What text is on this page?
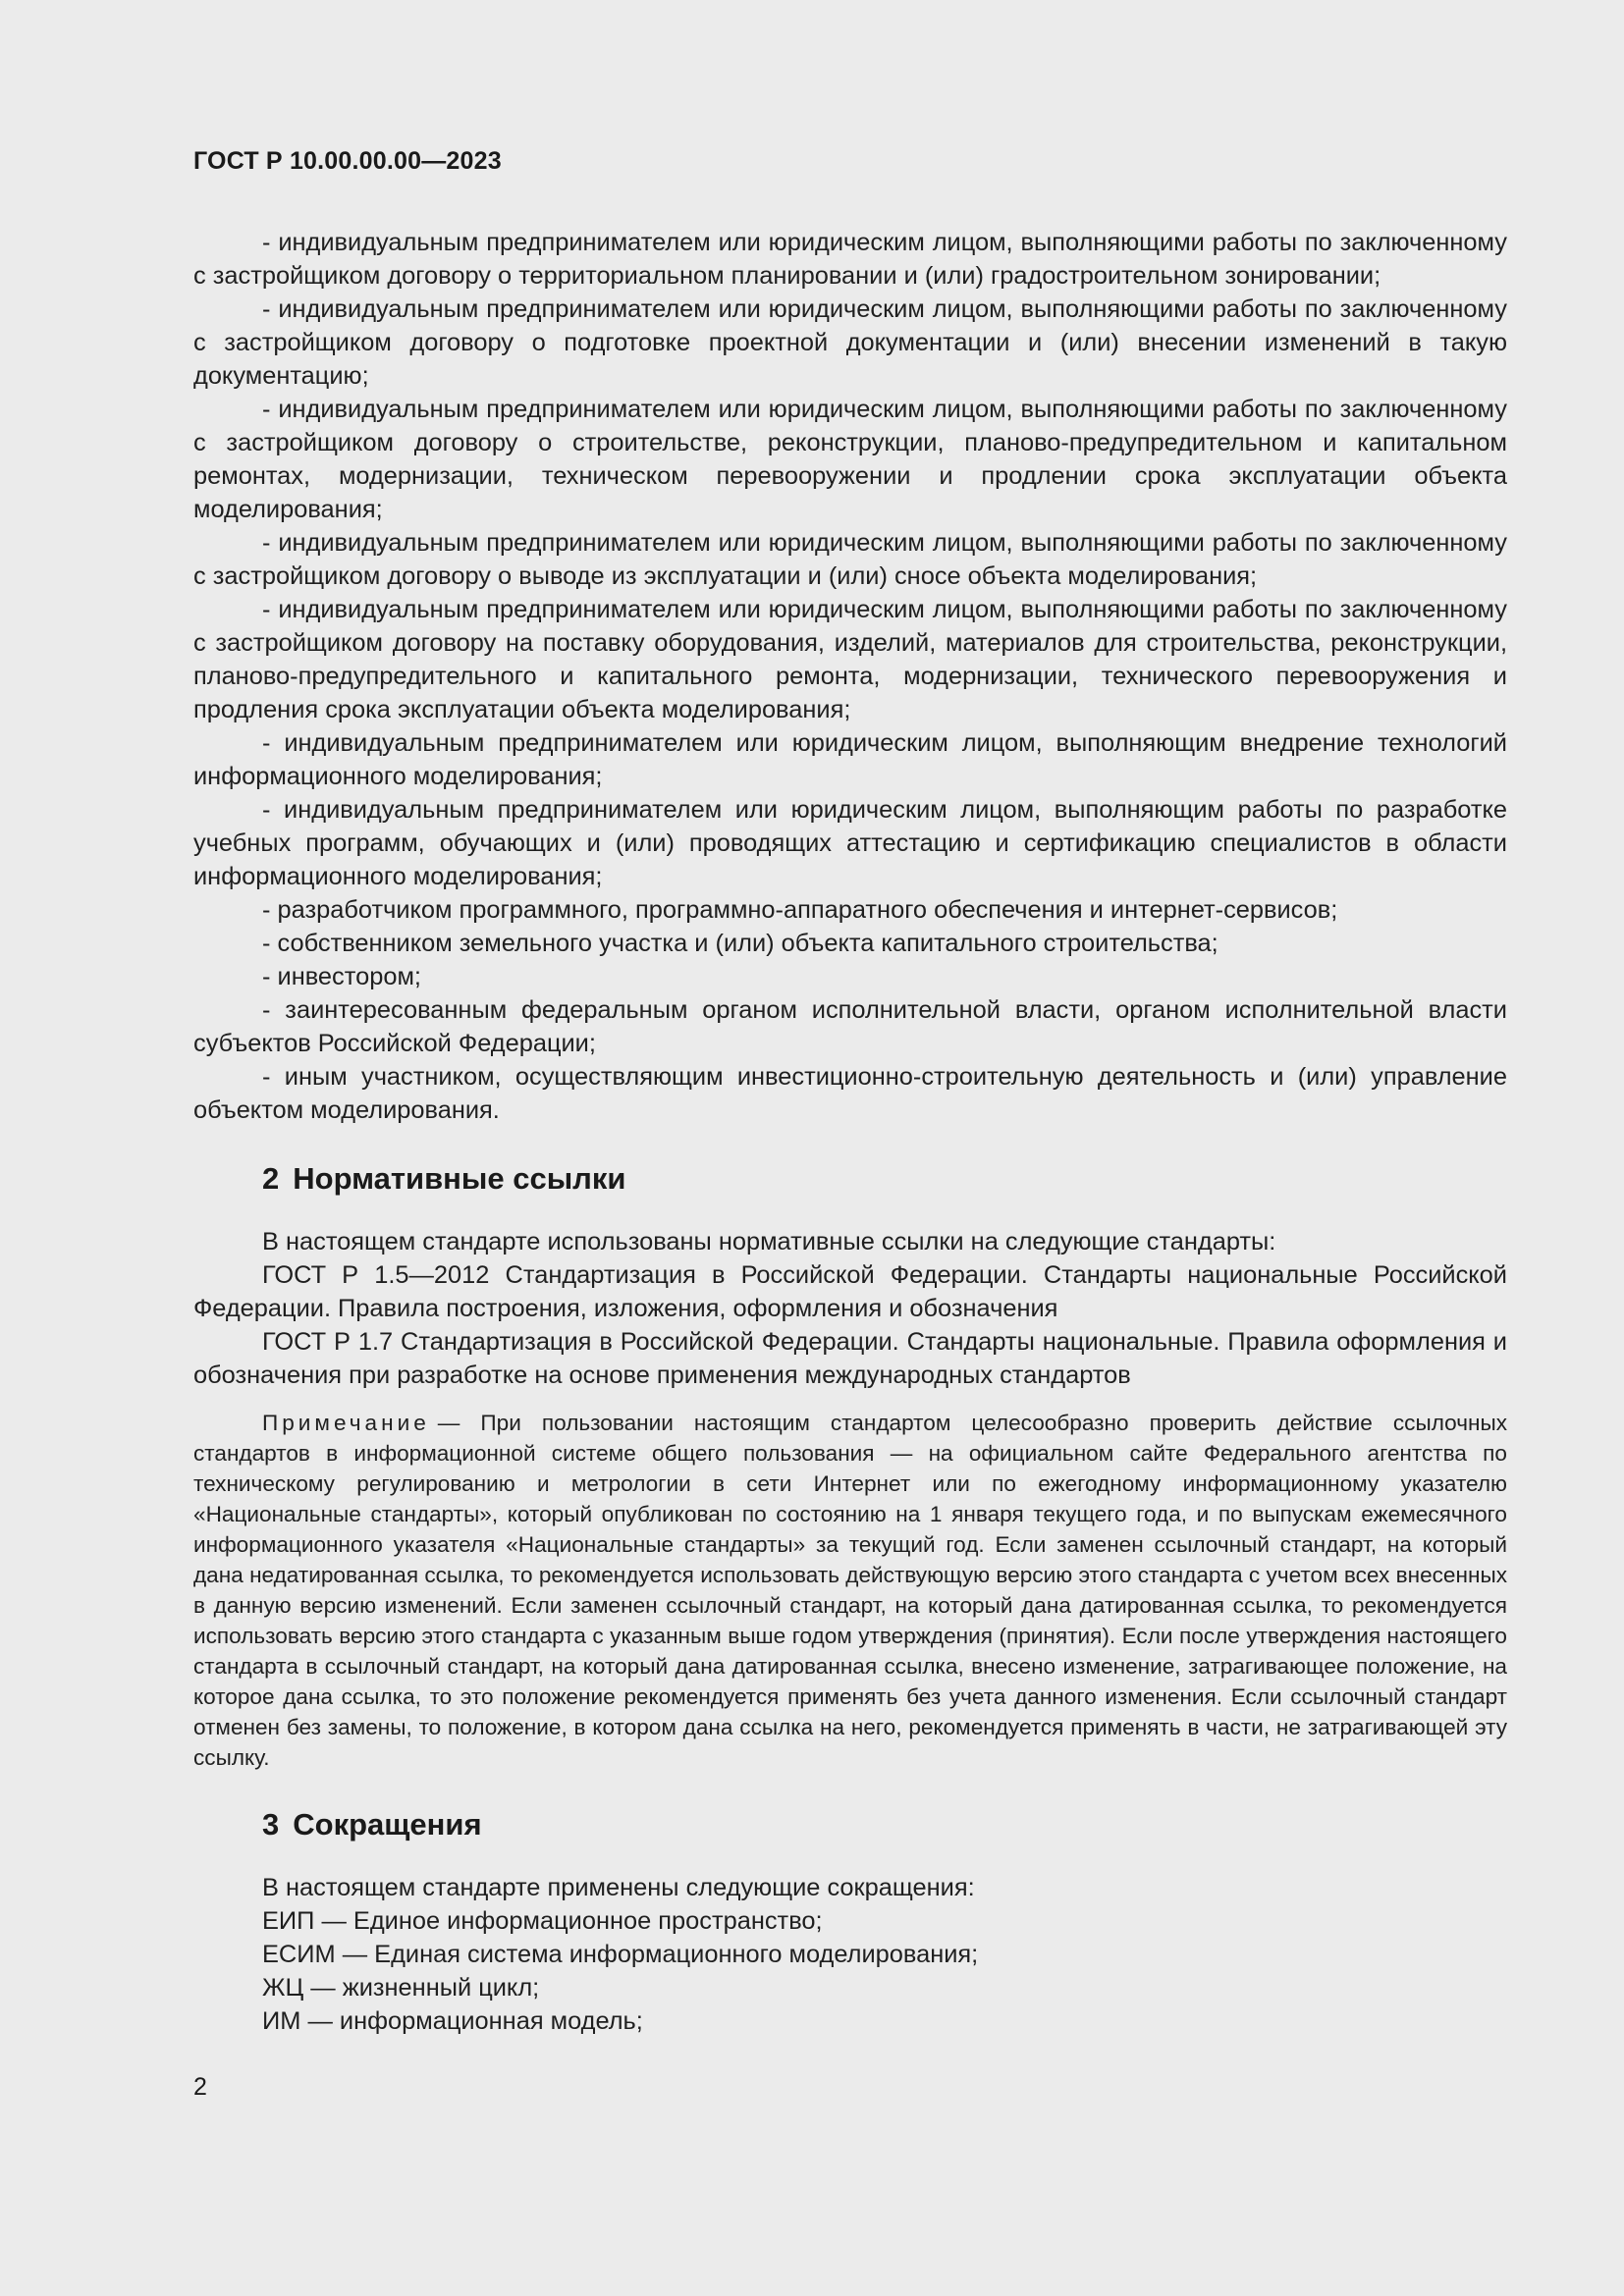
ГОСТ Р 10.00.00.00—2023

- индивидуальным предпринимателем или юридическим лицом, выполняющими работы по заключенному с застройщиком договору о территориальном планировании и (или) градостроительном зонировании;

- индивидуальным предпринимателем или юридическим лицом, выполняющими работы по заключенному с застройщиком договору о подготовке проектной документации и (или) внесении изменений в такую документацию;

- индивидуальным предпринимателем или юридическим лицом, выполняющими работы по заключенному с застройщиком договору о строительстве, реконструкции, планово-предупредительном и капитальном ремонтах, модернизации, техническом перевооружении и продлении срока эксплуатации объекта моделирования;

- индивидуальным предпринимателем или юридическим лицом, выполняющими работы по заключенному с застройщиком договору о выводе из эксплуатации и (или) сносе объекта моделирования;

- индивидуальным предпринимателем или юридическим лицом, выполняющими работы по заключенному с застройщиком договору на поставку оборудования, изделий, материалов для строительства, реконструкции, планово-предупредительного и капитального ремонта, модернизации, технического перевооружения и продления срока эксплуатации объекта моделирования;

- индивидуальным предпринимателем или юридическим лицом, выполняющим внедрение технологий информационного моделирования;

- индивидуальным предпринимателем или юридическим лицом, выполняющим работы по разработке учебных программ, обучающих и (или) проводящих аттестацию и сертификацию специалистов в области информационного моделирования;

- разработчиком программного, программно-аппаратного обеспечения и интернет-сервисов;

- собственником земельного участка и (или) объекта капитального строительства;

- инвестором;

- заинтересованным федеральным органом исполнительной власти, органом исполнительной власти субъектов Российской Федерации;

- иным участником, осуществляющим инвестиционно-строительную деятельность и (или) управление объектом моделирования.

2 Нормативные ссылки

В настоящем стандарте использованы нормативные ссылки на следующие стандарты:

ГОСТ Р 1.5—2012 Стандартизация в Российской Федерации. Стандарты национальные Российской Федерации. Правила построения, изложения, оформления и обозначения

ГОСТ Р 1.7 Стандартизация в Российской Федерации. Стандарты национальные. Правила оформления и обозначения при разработке на основе применения международных стандартов

Примечание — При пользовании настоящим стандартом целесообразно проверить действие ссылочных стандартов в информационной системе общего пользования — на официальном сайте Федерального агентства по техническому регулированию и метрологии в сети Интернет или по ежегодному информационному указателю «Национальные стандарты», который опубликован по состоянию на 1 января текущего года, и по выпускам ежемесячного информационного указателя «Национальные стандарты» за текущий год. Если заменен ссылочный стандарт, на который дана недатированная ссылка, то рекомендуется использовать действующую версию этого стандарта с учетом всех внесенных в данную версию изменений. Если заменен ссылочный стандарт, на который дана датированная ссылка, то рекомендуется использовать версию этого стандарта с указанным выше годом утверждения (принятия). Если после утверждения настоящего стандарта в ссылочный стандарт, на который дана датированная ссылка, внесено изменение, затрагивающее положение, на которое дана ссылка, то это положение рекомендуется применять без учета данного изменения. Если ссылочный стандарт отменен без замены, то положение, в котором дана ссылка на него, рекомендуется применять в части, не затрагивающей эту ссылку.

3 Сокращения

В настоящем стандарте применены следующие сокращения:

ЕИП — Единое информационное пространство;

ЕСИМ — Единая система информационного моделирования;

ЖЦ — жизненный цикл;

ИМ — информационная модель;

2
